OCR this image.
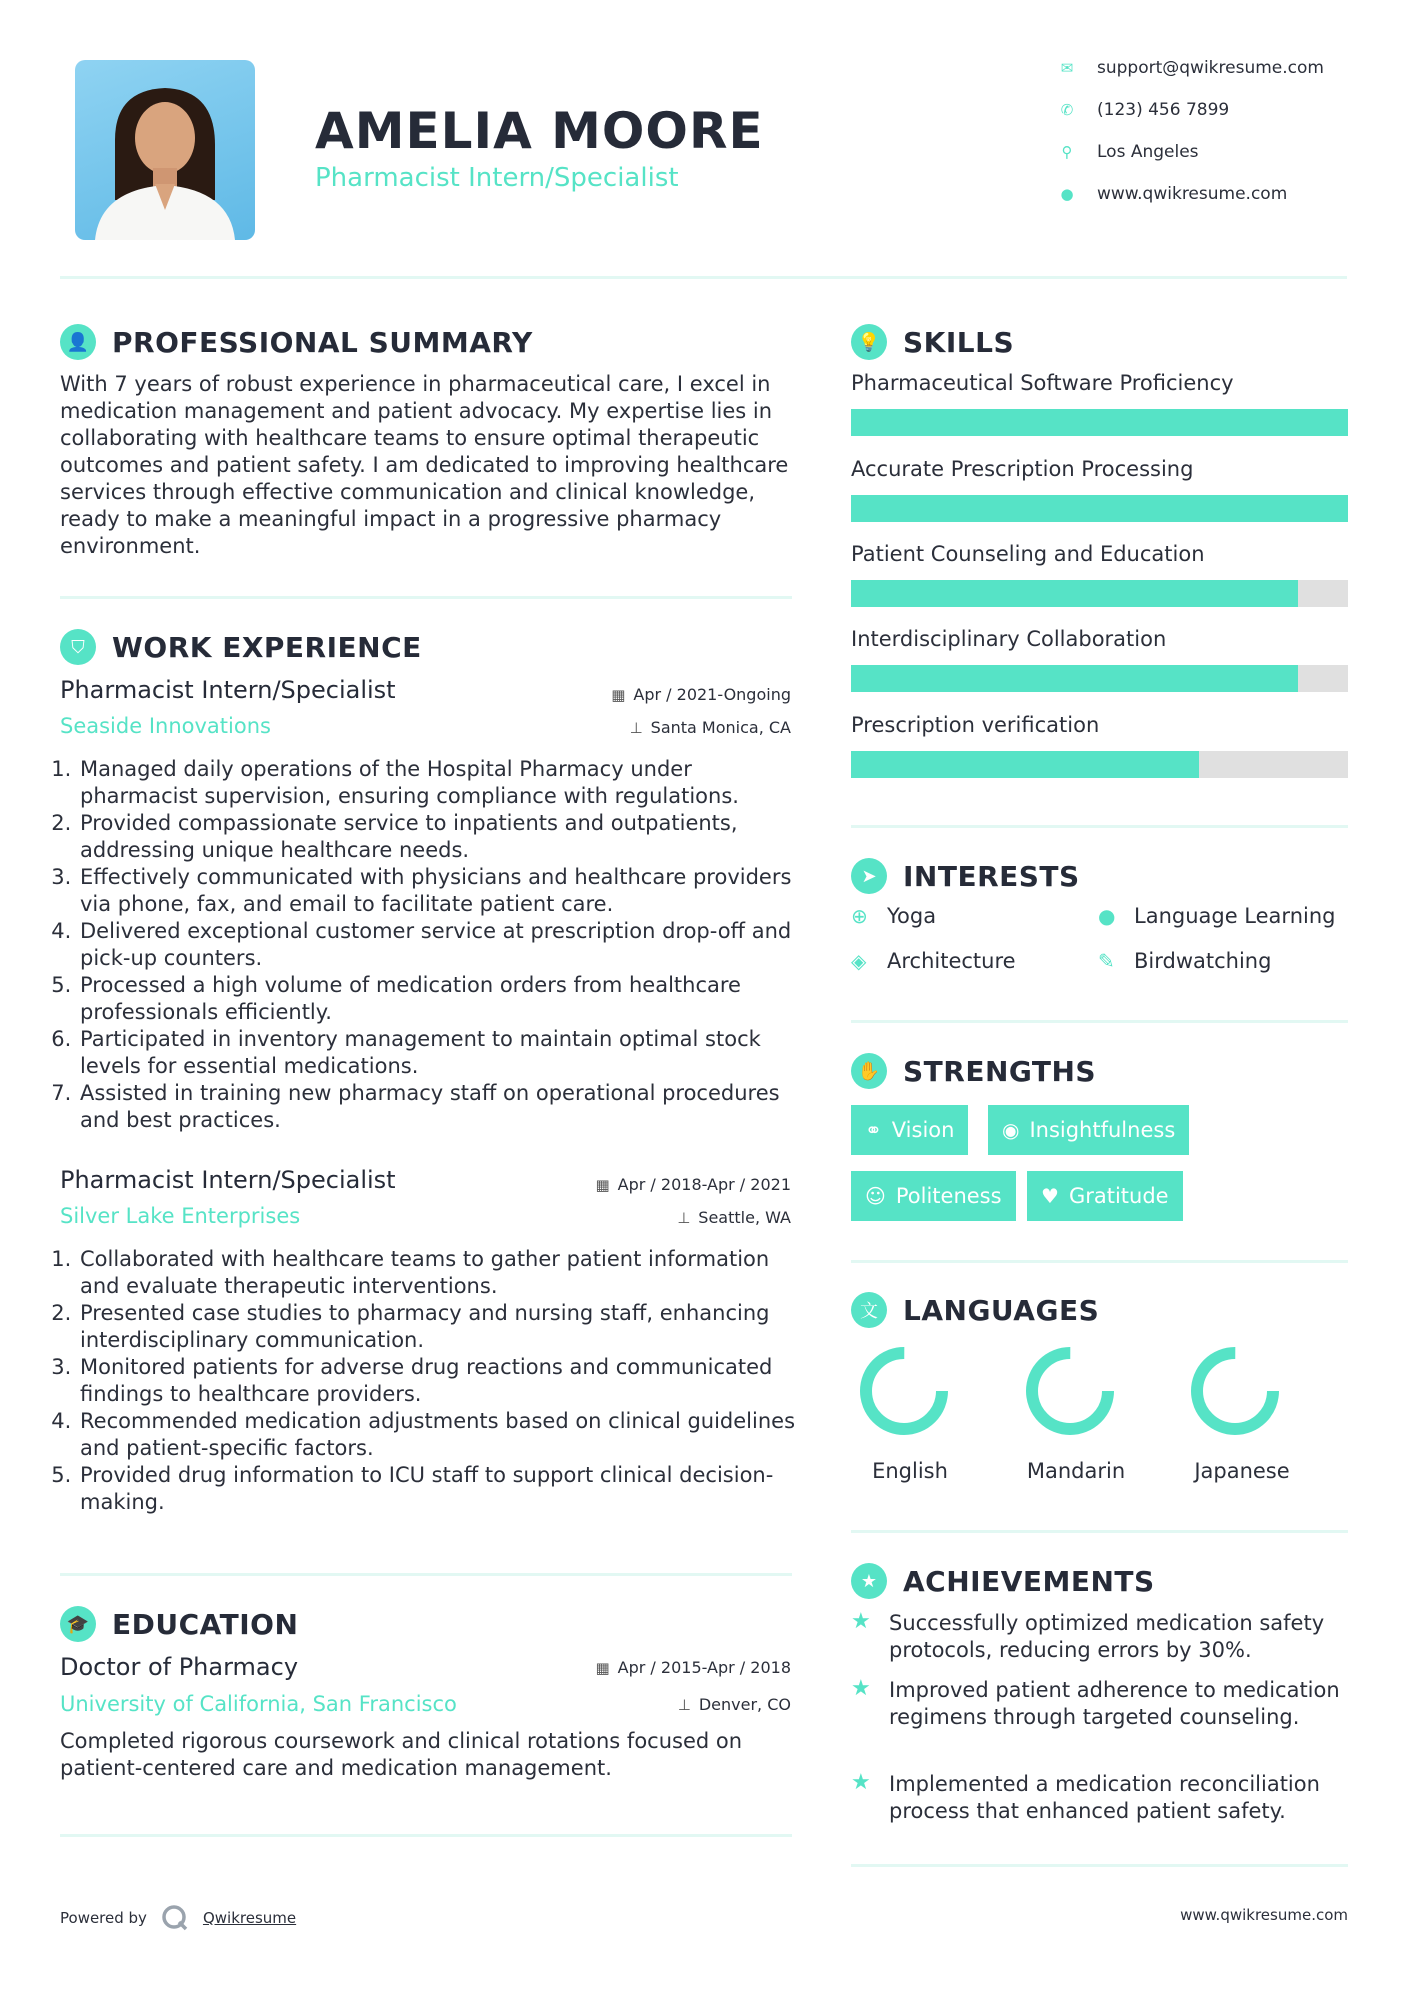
AMELIA MOORE
Pharmacist Intern/Specialist
✉	support@qwikresume.com
✆	(123) 456 7899
⚲	Los Angeles
●	www.qwikresume.com
👤 PROFESSIONAL SUMMARY
With 7 years of robust experience in pharmaceutical care, I excel in medication management and patient advocacy. My expertise lies in collaborating with healthcare teams to ensure optimal therapeutic outcomes and patient safety. I am dedicated to improving healthcare services through effective communication and clinical knowledge, ready to make a meaningful impact in a progressive pharmacy environment.
⛉ WORK EXPERIENCE
Pharmacist Intern/Specialist	▦ Apr / 2021-Ongoing
Seaside Innovations	⊥ Santa Monica, CA
1. Managed daily operations of the Hospital Pharmacy under pharmacist supervision, ensuring compliance with regulations.
2. Provided compassionate service to inpatients and outpatients, addressing unique healthcare needs.
3. Effectively communicated with physicians and healthcare providers via phone, fax, and email to facilitate patient care.
4. Delivered exceptional customer service at prescription drop-off and pick-up counters.
5. Processed a high volume of medication orders from healthcare professionals efficiently.
6. Participated in inventory management to maintain optimal stock levels for essential medications.
7. Assisted in training new pharmacy staff on operational procedures and best practices.
Pharmacist Intern/Specialist	▦ Apr / 2018-Apr / 2021
Silver Lake Enterprises	⊥ Seattle, WA
1. Collaborated with healthcare teams to gather patient information and evaluate therapeutic interventions.
2. Presented case studies to pharmacy and nursing staff, enhancing interdisciplinary communication.
3. Monitored patients for adverse drug reactions and communicated findings to healthcare providers.
4. Recommended medication adjustments based on clinical guidelines and patient-specific factors.
5. Provided drug information to ICU staff to support clinical decision-making.
🎓 EDUCATION
Doctor of Pharmacy	▦ Apr / 2015-Apr / 2018
University of California, San Francisco	⊥ Denver, CO
Completed rigorous coursework and clinical rotations focused on patient-centered care and medication management.
💡 SKILLS
Pharmaceutical Software Proficiency
Accurate Prescription Processing
Patient Counseling and Education
Interdisciplinary Collaboration
Prescription verification
➤ INTERESTS
⊕ Yoga	● Language Learning
◈ Architecture	✎ Birdwatching
✋ STRENGTHS
⚭ Vision ◉ Insightfulness
☺ Politeness ♥ Gratitude
文 LANGUAGES
English	Mandarin	Japanese
★ ACHIEVEMENTS
★ Successfully optimized medication safety protocols, reducing errors by 30%.
★ Improved patient adherence to medication regimens through targeted counseling.
★ Implemented a medication reconciliation process that enhanced patient safety.
Powered by	Qwikresume	www.qwikresume.com
